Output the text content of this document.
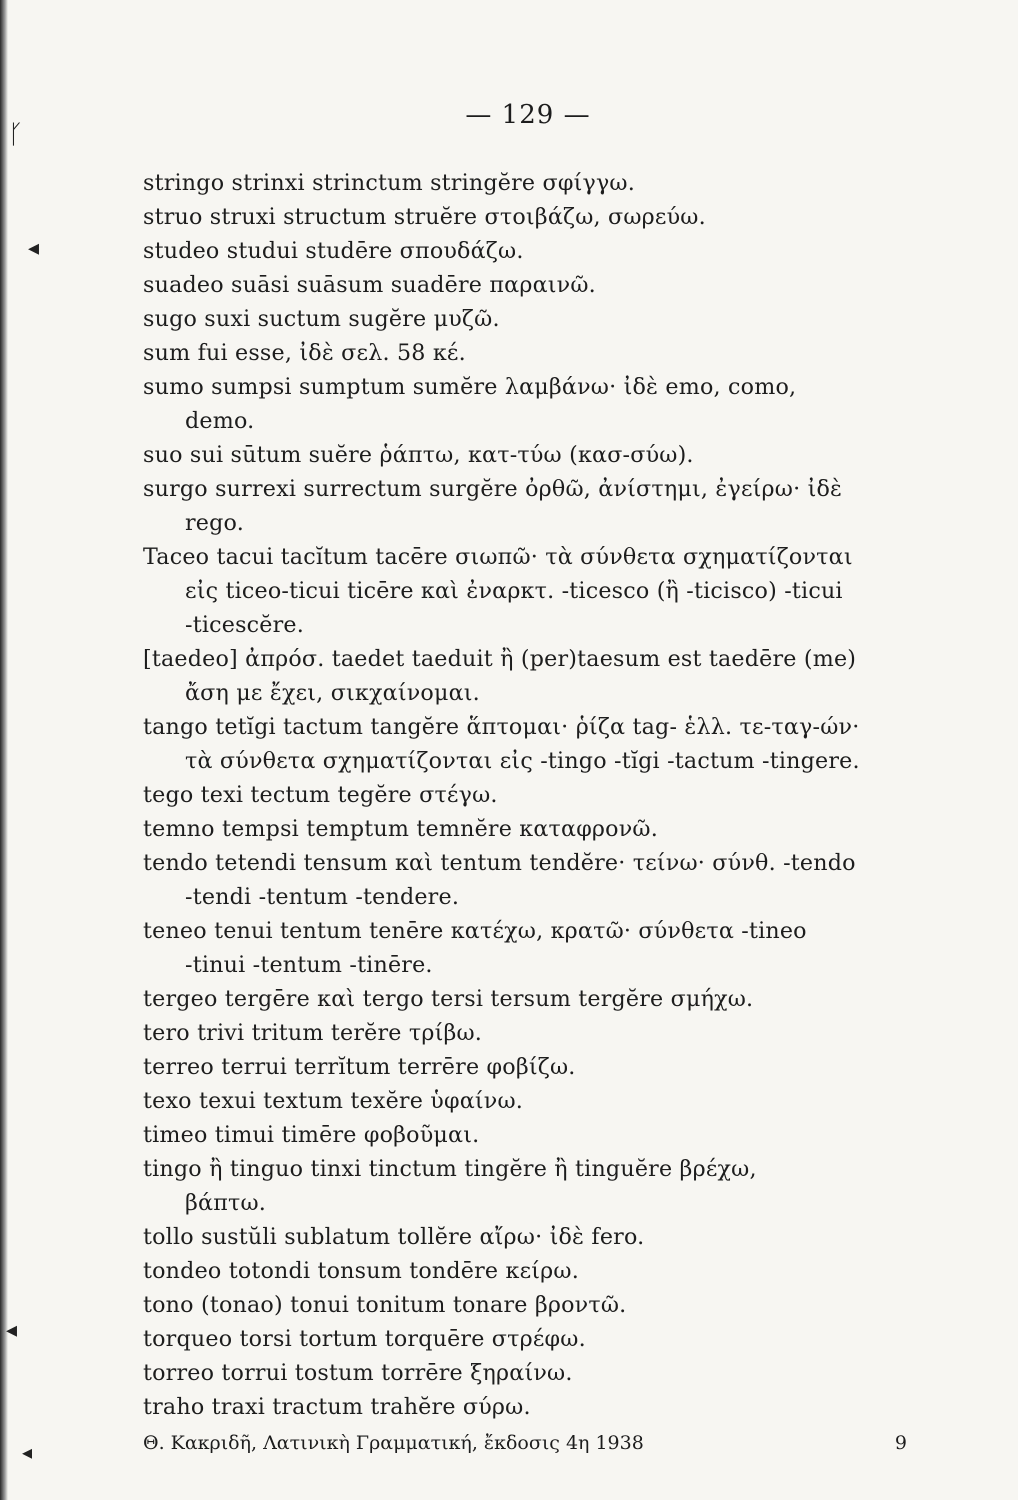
ᚴ
◂
◂
◂
— 129 —
stringo strinxi strinctum stringĕre σφίγγω.
struo struxi structum struĕre στοιβάζω, σωρεύω.
studeo studui studēre σπουδάζω.
suadeo suāsi suāsum suadēre παραινῶ.
sugo suxi suctum sugĕre μυζῶ.
sum fui esse, ἰδὲ σελ. 58 κέ.
sumo sumpsi sumptum sumĕre λαμβάνω· ἰδὲ emo, como,

demo.
suo sui sūtum suĕre ῥάπτω, κατ-τύω (κασ-σύω).
surgo surrexi surrectum surgĕre ὀρθῶ, ἀνίστημι, ἐγείρω· ἰδὲ

rego.
Taceo tacui tacĭtum tacēre σιωπῶ· τὰ σύνθετα σχηματίζονται

εἰς ticeo-ticui ticēre καὶ ἐναρκτ. -ticesco (ἢ -ticisco) -ticui
-ticescĕre.
[taedeo] ἀπρόσ. taedet taeduit ἢ (per)taesum est taedēre (me)

ἄση με ἔχει, σικχαίνομαι.
tango tetĭgi tactum tangĕre ἅπτομαι· ῥίζα tag- ἑλλ. τε-ταγ-ών·

τὰ σύνθετα σχηματίζονται εἰς -tingo -tĭgi -tactum -tingere.
tego texi tectum tegĕre στέγω.
temno tempsi temptum temnĕre καταφρονῶ.
tendo tetendi tensum καὶ tentum tendĕre· τείνω· σύνθ. -tendo

-tendi -tentum -tendere.
teneo tenui tentum tenēre κατέχω, κρατῶ· σύνθετα -tineo

-tinui -tentum -tinēre.
tergeo tergēre καὶ tergo tersi tersum tergĕre σμήχω.
tero trivi tritum terĕre τρίβω.
terreo terrui terrĭtum terrēre φοβίζω.
texo texui textum texĕre ὑφαίνω.
timeo timui timēre φοβοῦμαι.
tingo ἢ tinguo tinxi tinctum tingĕre ἢ tinguĕre βρέχω,

βάπτω.
tollo sustŭli sublatum tollĕre αἴρω· ἰδὲ fero.
tondeo totondi tonsum tondēre κείρω.
tono (tonao) tonui tonitum tonare βροντῶ.
torqueo torsi tortum torquēre στρέφω.
torreo torrui tostum torrēre ξηραίνω.
traho traxi tractum trahĕre σύρω.
Θ. Κακριδῆ, Λατινικὴ Γραμματική, ἔκδοσις 4η 1938	9
